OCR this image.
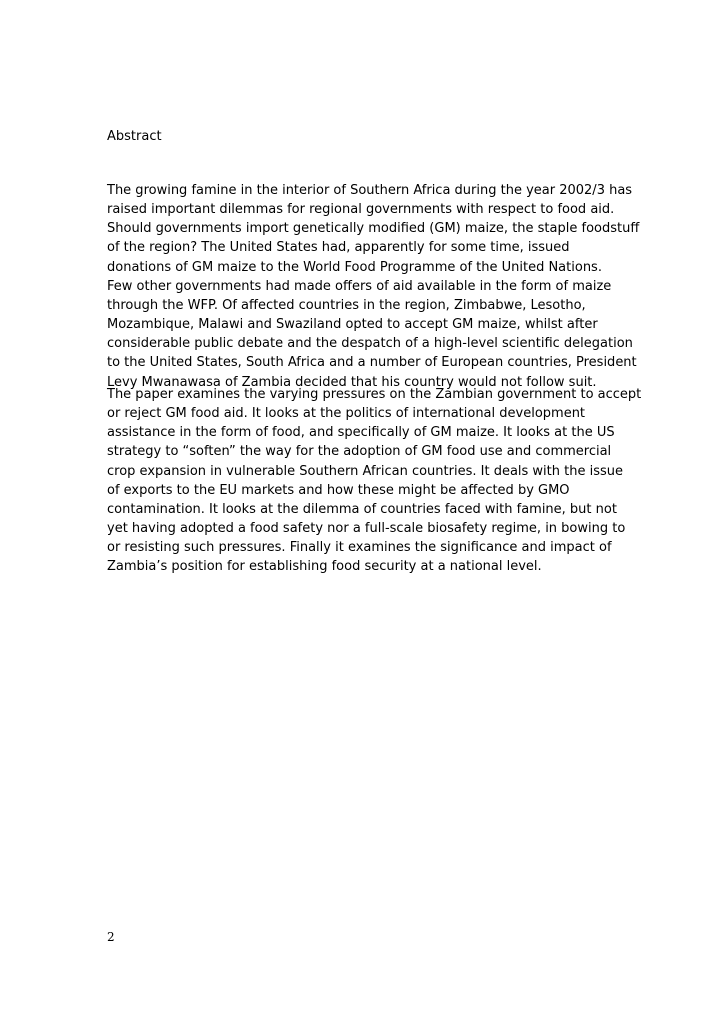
Abstract

The growing famine in the interior of Southern Africa during the year 2002/3 has
raised important dilemmas for regional governments with respect to food aid.
Should governments import genetically modified (GM) maize, the staple foodstuff
of the region? The United States had, apparently for some time, issued
donations of GM maize to the World Food Programme of the United Nations.
Few other governments had made offers of aid available in the form of maize
through the WFP. Of affected countries in the region, Zimbabwe, Lesotho,
Mozambique, Malawi and Swaziland opted to accept GM maize, whilst after
considerable public debate and the despatch of a high-level scientific delegation
to the United States, South Africa and a number of European countries, President
Levy Mwanawasa of Zambia decided that his country would not follow suit.

The paper examines the varying pressures on the Zambian government to accept
or reject GM food aid. It looks at the politics of international development
assistance in the form of food, and specifically of GM maize. It looks at the US
strategy to “soften” the way for the adoption of GM food use and commercial
crop expansion in vulnerable Southern African countries. It deals with the issue
of exports to the EU markets and how these might be affected by GMO
contamination. It looks at the dilemma of countries faced with famine, but not
yet having adopted a food safety nor a full-scale biosafety regime, in bowing to
or resisting such pressures. Finally it examines the significance and impact of
Zambia’s position for establishing food security at a national level.

2
